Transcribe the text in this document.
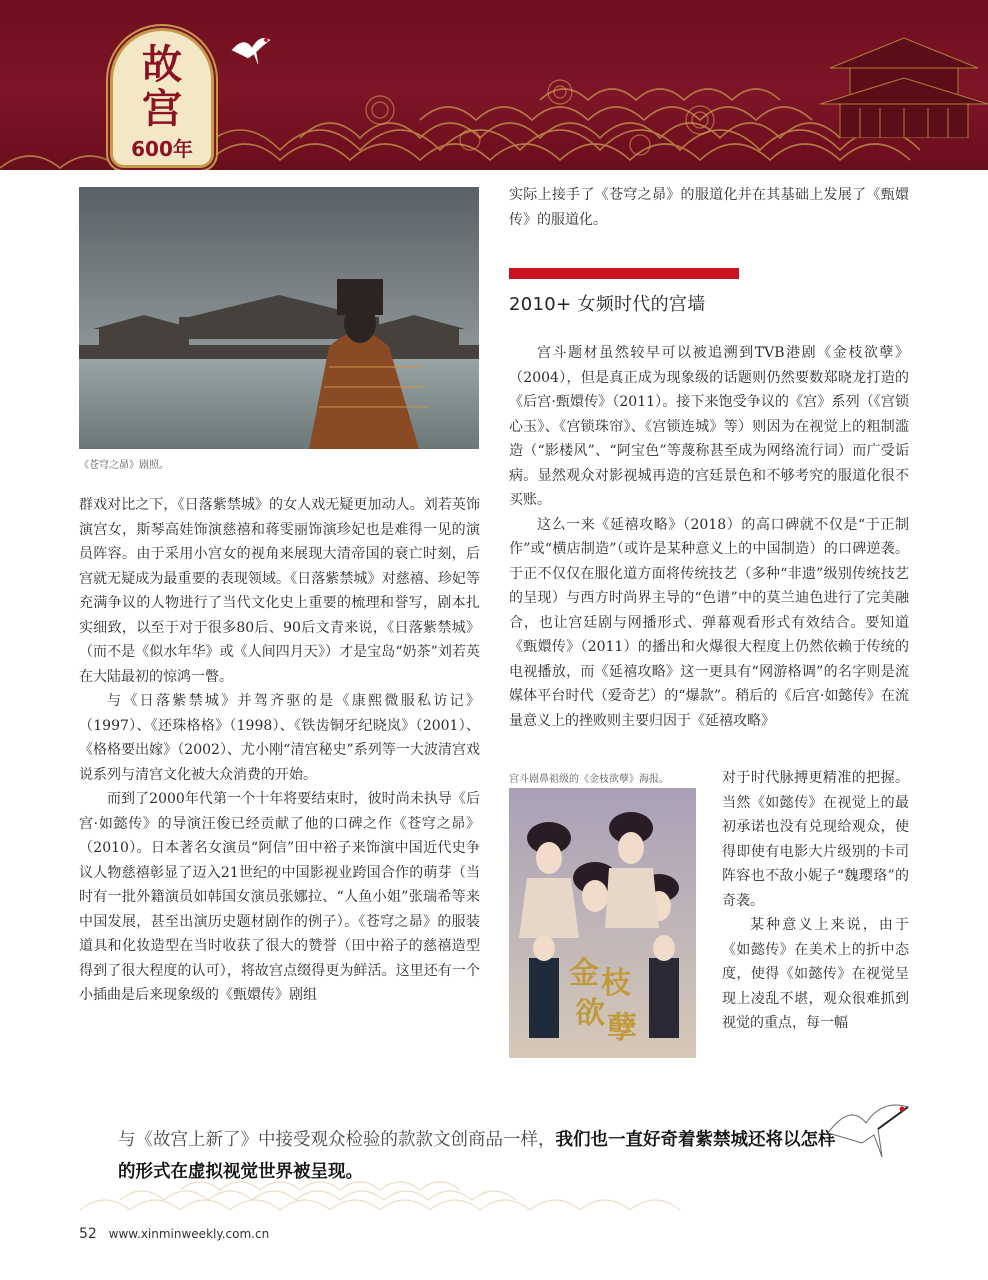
故
宫
600年
《苍穹之昴》剧照。

群戏对比之下，《日落紫禁城》的女人戏无疑更加动人。刘若英饰演宫女，斯琴高娃饰演慈禧和蒋雯丽饰演珍妃也是难得一见的演员阵容。由于采用小宫女的视角来展现大清帝国的衰亡时刻，后宫就无疑成为最重要的表现领域。《日落紫禁城》对慈禧、珍妃等充满争议的人物进行了当代文化史上重要的梳理和誉写，剧本扎实细致，以至于对于很多80后、90后文青来说，《日落紫禁城》（而不是《似水年华》或《人间四月天》）才是宝岛“奶茶”刘若英在大陆最初的惊鸿一瞥。

与《日落紫禁城》并驾齐驱的是《康熙微服私访记》（1997）、《还珠格格》（1998）、《铁齿铜牙纪晓岚》（2001）、《格格要出嫁》（2002）、尤小刚“清宫秘史”系列等一大波清宫戏说系列与清宫文化被大众消费的开始。

而到了2000年代第一个十年将要结束时，彼时尚未执导《后宫·如懿传》的导演汪俊已经贡献了他的口碑之作《苍穹之昴》（2010）。日本著名女演员“阿信”田中裕子来饰演中国近代史争议人物慈禧彰显了迈入21世纪的中国影视业跨国合作的萌芽（当时有一批外籍演员如韩国女演员张娜拉、“人鱼小姐”张瑞希等来中国发展，甚至出演历史题材剧作的例子）。《苍穹之昴》的服装道具和化妆造型在当时收获了很大的赞誉（田中裕子的慈禧造型得到了很大程度的认可），将故宫点缀得更为鲜活。这里还有一个小插曲是后来现象级的《甄嬛传》剧组

实际上接手了《苍穹之昴》的服道化并在其基础上发展了《甄嬛传》的服道化。

2010+ 女频时代的宫墙

宫斗题材虽然较早可以被追溯到TVB港剧《金枝欲孽》（2004），但是真正成为现象级的话题则仍然要数郑晓龙打造的《后宫·甄嬛传》（2011）。接下来饱受争议的《宫》系列（《宫锁心玉》、《宫锁珠帘》、《宫锁连城》等）则因为在视觉上的粗制滥造（“影楼风”、“阿宝色”等蔑称甚至成为网络流行词）而广受诟病。显然观众对影视城再造的宫廷景色和不够考究的服道化很不买账。

这么一来《延禧攻略》（2018）的高口碑就不仅是“于正制作”或“横店制造”（或许是某种意义上的中国制造）的口碑逆袭。于正不仅仅在服化道方面将传统技艺（多种“非遗”级别传统技艺的呈现）与西方时尚界主导的“色谱”中的莫兰迪色进行了完美融合，也让宫廷剧与网播形式、弹幕观看形式有效结合。要知道《甄嬛传》（2011）的播出和火爆很大程度上仍然依赖于传统的电视播放，而《延禧攻略》这一更具有“网游格调”的名字则是流媒体平台时代（爱奇艺）的“爆款”。稍后的《后宫·如懿传》在流量意义上的挫败则主要归因于《延禧攻略》

宫斗剧鼻祖级的《金枝欲孽》海报。
金 枝
欲 孽

对于时代脉搏更精准的把握。当然《如懿传》在视觉上的最初承诺也没有兑现给观众，使得即使有电影大片级别的卡司阵容也不敌小妮子“魏璎珞”的奇袭。

某种意义上来说，由于《如懿传》在美术上的折中态度，使得《如懿传》在视觉呈现上凌乱不堪，观众很难抓到视觉的重点，每一幅

与《故宫上新了》中接受观众检验的款款文创商品一样，我们也一直好奇着紫禁城还将以怎样的形式在虚拟视觉世界被呈现。
52 www.xinminweekly.com.cn
